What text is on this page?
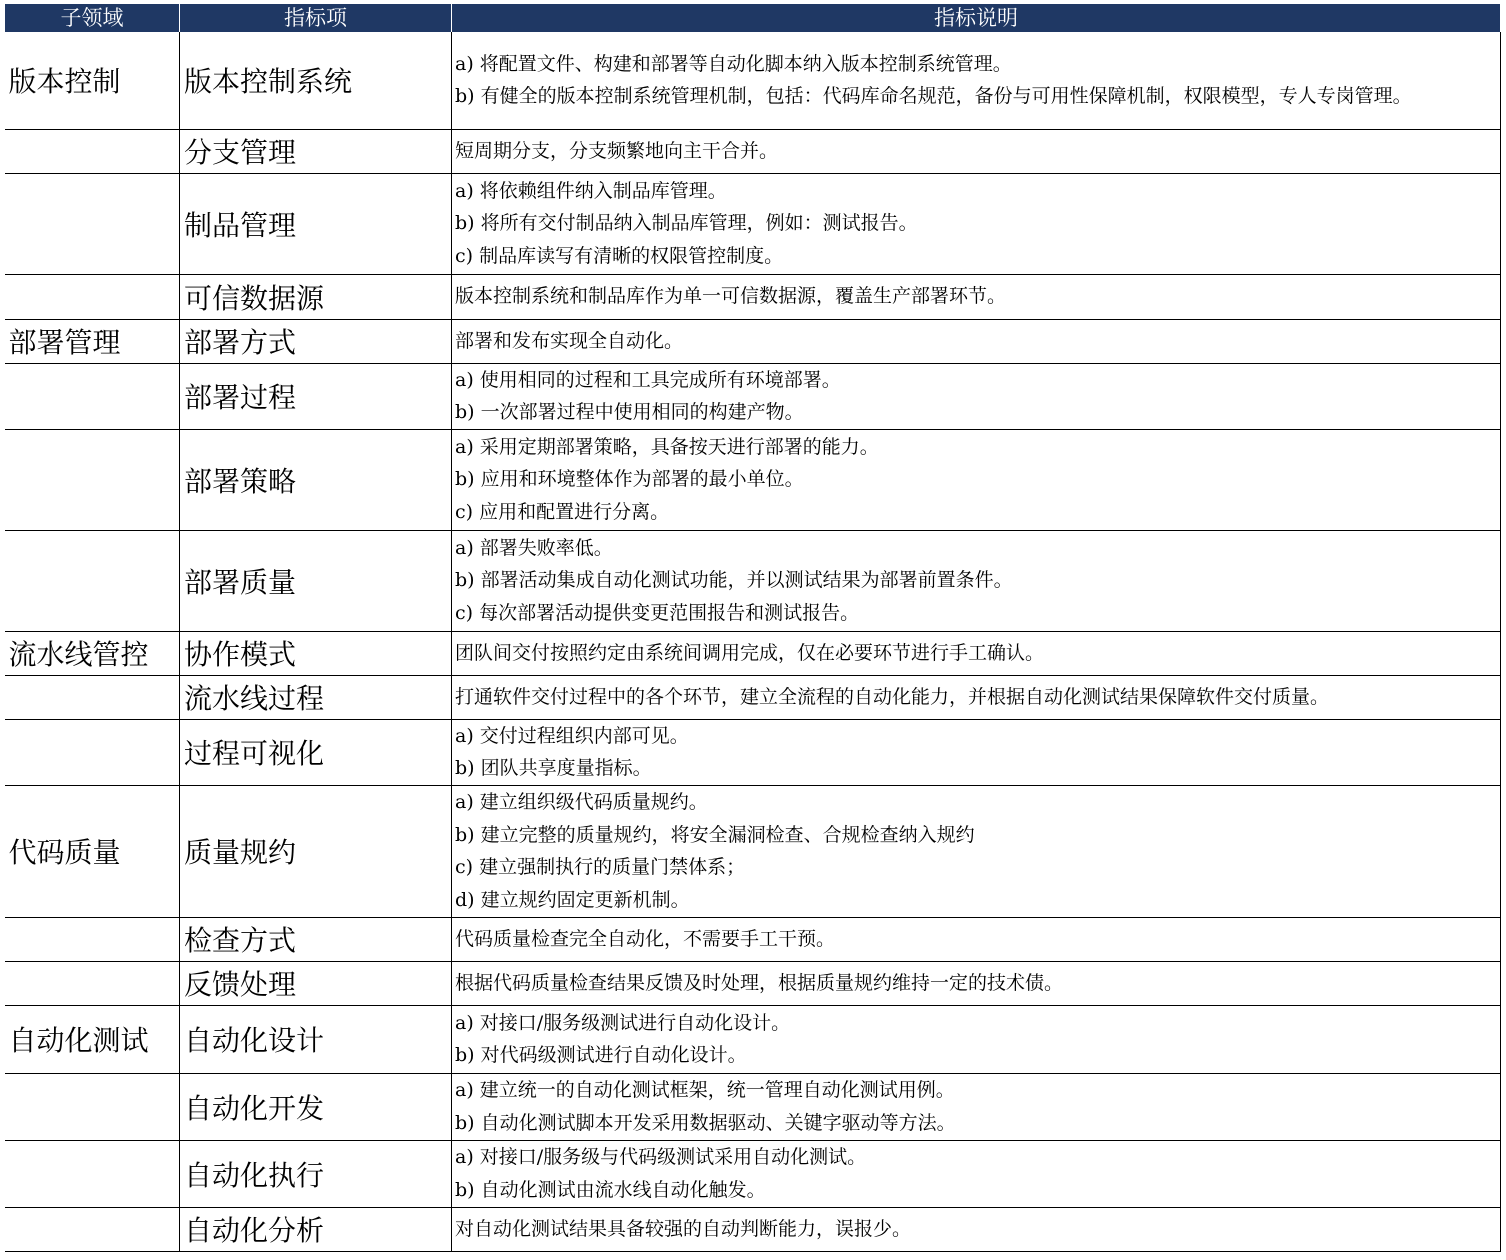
子领域	指标项	指标说明
版本控制	版本控制系统	a) 将配置文件、构建和部署等自动化脚本纳入版本控制系统管理。
b) 有健全的版本控制系统管理机制，包括：代码库命名规范，备份与可用性保障机制，权限模型，专人专岗管理。

	分支管理	短周期分支，分支频繁地向主干合并。

	制品管理	a) 将依赖组件纳入制品库管理。
b) 将所有交付制品纳入制品库管理，例如：测试报告。
c) 制品库读写有清晰的权限管控制度。

	可信数据源	版本控制系统和制品库作为单一可信数据源，覆盖生产部署环节。

部署管理	部署方式	部署和发布实现全自动化。

	部署过程	a) 使用相同的过程和工具完成所有环境部署。
b) 一次部署过程中使用相同的构建产物。

	部署策略	a) 采用定期部署策略，具备按天进行部署的能力。
b) 应用和环境整体作为部署的最小单位。
c) 应用和配置进行分离。

	部署质量	a) 部署失败率低。
b) 部署活动集成自动化测试功能，并以测试结果为部署前置条件。
c) 每次部署活动提供变更范围报告和测试报告。

流水线管控	协作模式	团队间交付按照约定由系统间调用完成，仅在必要环节进行手工确认。

	流水线过程	打通软件交付过程中的各个环节，建立全流程的自动化能力，并根据自动化测试结果保障软件交付质量。

	过程可视化	a) 交付过程组织内部可见。
b) 团队共享度量指标。

代码质量	质量规约	a) 建立组织级代码质量规约。
b) 建立完整的质量规约，将安全漏洞检查、合规检查纳入规约
c) 建立强制执行的质量门禁体系；
d) 建立规约固定更新机制。

	检查方式	代码质量检查完全自动化，不需要手工干预。

	反馈处理	根据代码质量检查结果反馈及时处理，根据质量规约维持一定的技术债。

自动化测试	自动化设计	a) 对接口/服务级测试进行自动化设计。
b) 对代码级测试进行自动化设计。

	自动化开发	a) 建立统一的自动化测试框架，统一管理自动化测试用例。
b) 自动化测试脚本开发采用数据驱动、关键字驱动等方法。

	自动化执行	a) 对接口/服务级与代码级测试采用自动化测试。
b) 自动化测试由流水线自动化触发。

	自动化分析	对自动化测试结果具备较强的自动判断能力，误报少。
